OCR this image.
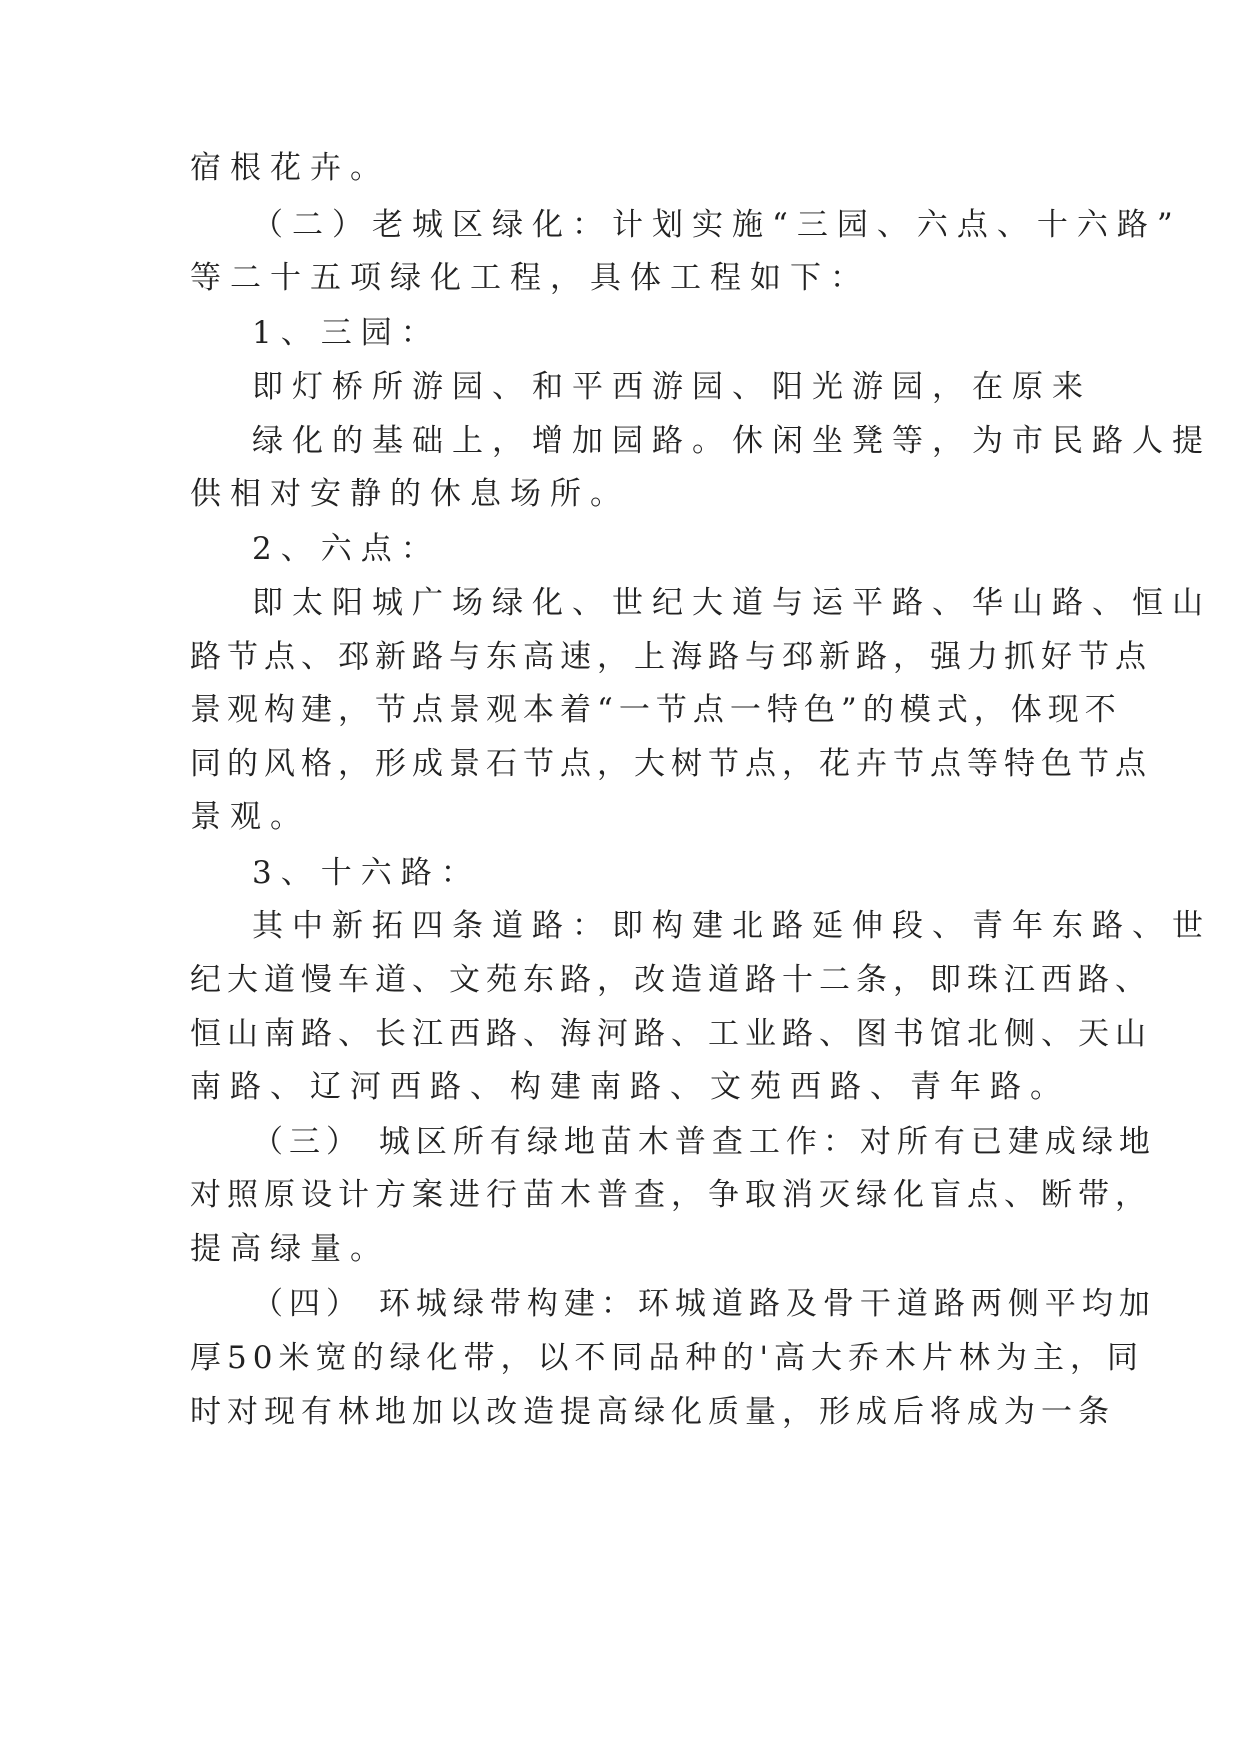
宿根花卉。

（二）老城区绿化：计划实施“三园、六点、十六路”

等二十五项绿化工程，具体工程如下：

1、三园：

即灯桥所游园、和平西游园、阳光游园，在原来

绿化的基础上，增加园路。休闲坐凳等，为市民路人提

供相对安静的休息场所。

2、六点：

即太阳城广场绿化、世纪大道与运平路、华山路、恒山

路节点、邳新路与东高速，上海路与邳新路，强力抓好节点

景观构建，节点景观本着“一节点一特色”的模式，体现不

同的风格，形成景石节点，大树节点，花卉节点等特色节点

景观。

3、十六路：

其中新拓四条道路：即构建北路延伸段、青年东路、世

纪大道慢车道、文苑东路，改造道路十二条，即珠江西路、

恒山南路、长江西路、海河路、工业路、图书馆北侧、天山

南路、辽河西路、构建南路、文苑西路、青年路。

（三） 城区所有绿地苗木普查工作：对所有已建成绿地

对照原设计方案进行苗木普查，争取消灭绿化盲点、断带，

提高绿量。

（四） 环城绿带构建：环城道路及骨干道路两侧平均加

厚50米宽的绿化带，以不同品种的'高大乔木片林为主，同

时对现有林地加以改造提高绿化质量，形成后将成为一条
